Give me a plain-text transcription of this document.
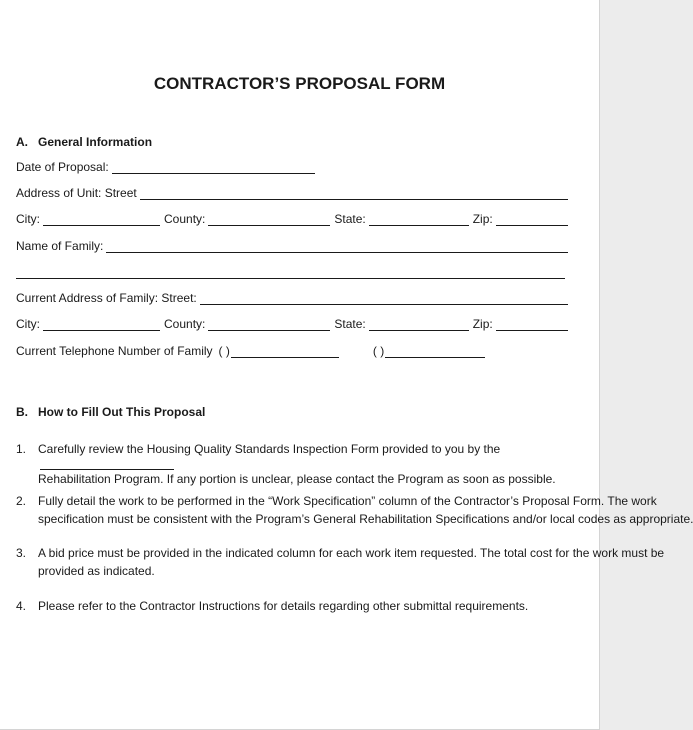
CONTRACTOR’S PROPOSAL FORM
A. General Information
Date of Proposal:
Address of Unit: Street
City:	County:	State:	Zip:
Name of Family:
Current Address of Family: Street:
City:	County:	State:	Zip:
Current Telephone Number of Family ( )	( )
B. How to Fill Out This Proposal
1. Carefully review the Housing Quality Standards Inspection Form provided to you by the
Rehabilitation Program. If any portion is unclear, please contact the Program as soon as possible.
2. Fully detail the work to be performed in the “Work Specification” column of the Contractor’s Proposal Form. The work
specification must be consistent with the Program’s General Rehabilitation Specifications and/or local codes as appropriate.
3. A bid price must be provided in the indicated column for each work item requested. The total cost for the work must be
provided as indicated.
4. Please refer to the Contractor Instructions for details regarding other submittal requirements.
